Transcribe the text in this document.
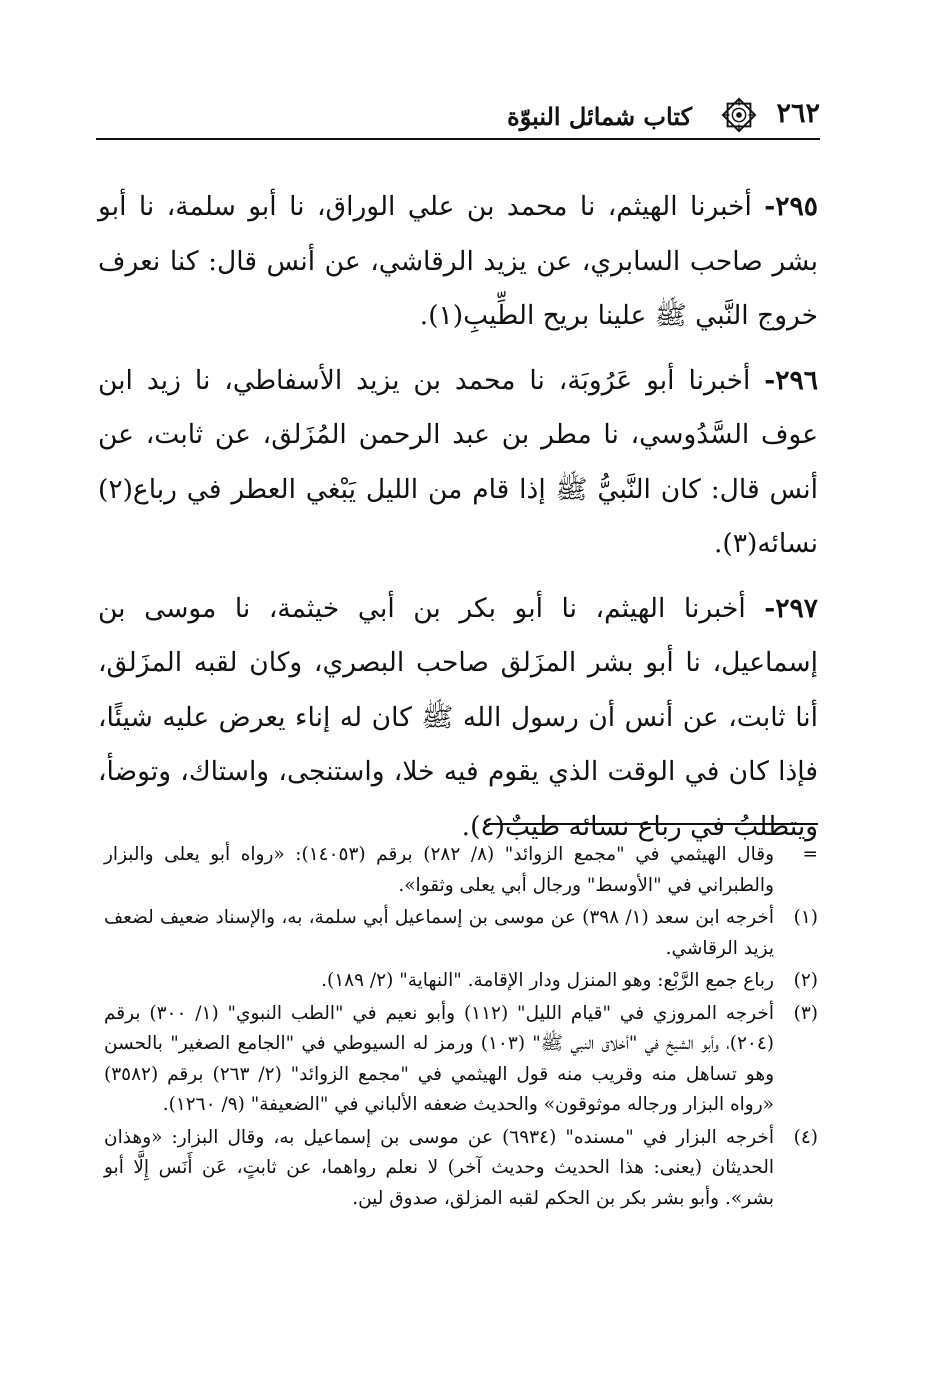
٢٦٢
كتاب شمائل النبوّة

٢٩٥- أخبرنا الهيثم، نا محمد بن علي الوراق، نا أبو سلمة، نا أبو بشر صاحب السابري، عن يزيد الرقاشي، عن أنس قال: كنا نعرف خروج النَّبي ﷺ علينا بريح الطِّيبِ(١).

٢٩٦- أخبرنا أبو عَرُوبَة، نا محمد بن يزيد الأسفاطي، نا زيد ابن عوف السَّدُوسي، نا مطر بن عبد الرحمن المُزَلق، عن ثابت، عن أنس قال: كان النَّبيُّ ﷺ إذا قام من الليل يَبْغي العطر في رباع(٢) نسائه(٣).

٢٩٧- أخبرنا الهيثم، نا أبو بكر بن أبي خيثمة، نا موسى بن إسماعيل، نا أبو بشر المزَلق صاحب البصري، وكان لقبه المزَلق، أنا ثابت، عن أنس أن رسول الله ﷺ كان له إناء يعرض عليه شيئًا، فإذا كان في الوقت الذي يقوم فيه خلا، واستنجى، واستاك، وتوضأ، ويتطلبُ في رباع نسائه طيبٌ(٤).

=
وقال الهيثمي في "مجمع الزوائد" (٨/ ٢٨٢) برقم (١٤٠٥٣): «رواه أبو يعلى والبزار والطبراني في "الأوسط" ورجال أبي يعلى وثقوا».
(١)
أخرجه ابن سعد (١/ ٣٩٨) عن موسى بن إسماعيل أبي سلمة، به، والإسناد ضعيف لضعف يزيد الرقاشي.
(٢)
رباع جمع الرَّبْع: وهو المنزل ودار الإقامة. "النهاية" (٢/ ١٨٩).
(٣)
أخرجه المروزي في "قيام الليل" (١١٢) وأبو نعيم في "الطب النبوي" (١/ ٣٠٠) برقم (٢٠٤)، وأبو الشيخ في "أخلاق النبي ﷺ" (١٠٣) ورمز له السيوطي في "الجامع الصغير" بالحسن وهو تساهل منه وقريب منه قول الهيثمي في "مجمع الزوائد" (٢/ ٢٦٣) برقم (٣٥٨٢) «رواه البزار ورجاله موثوقون» والحديث ضعفه الألباني في "الضعيفة" (٩/ ١٢٦٠).
(٤)
أخرجه البزار في "مسنده" (٦٩٣٤) عن موسى بن إسماعيل به، وقال البزار: «وهذان الحديثان (يعنى: هذا الحديث وحديث آخر) لا نعلم رواهما، عن ثابتٍ، عَن أَنَس إِلَّا أبو بشر». وأبو بشر بكر بن الحكم لقبه المزلق، صدوق لين.
